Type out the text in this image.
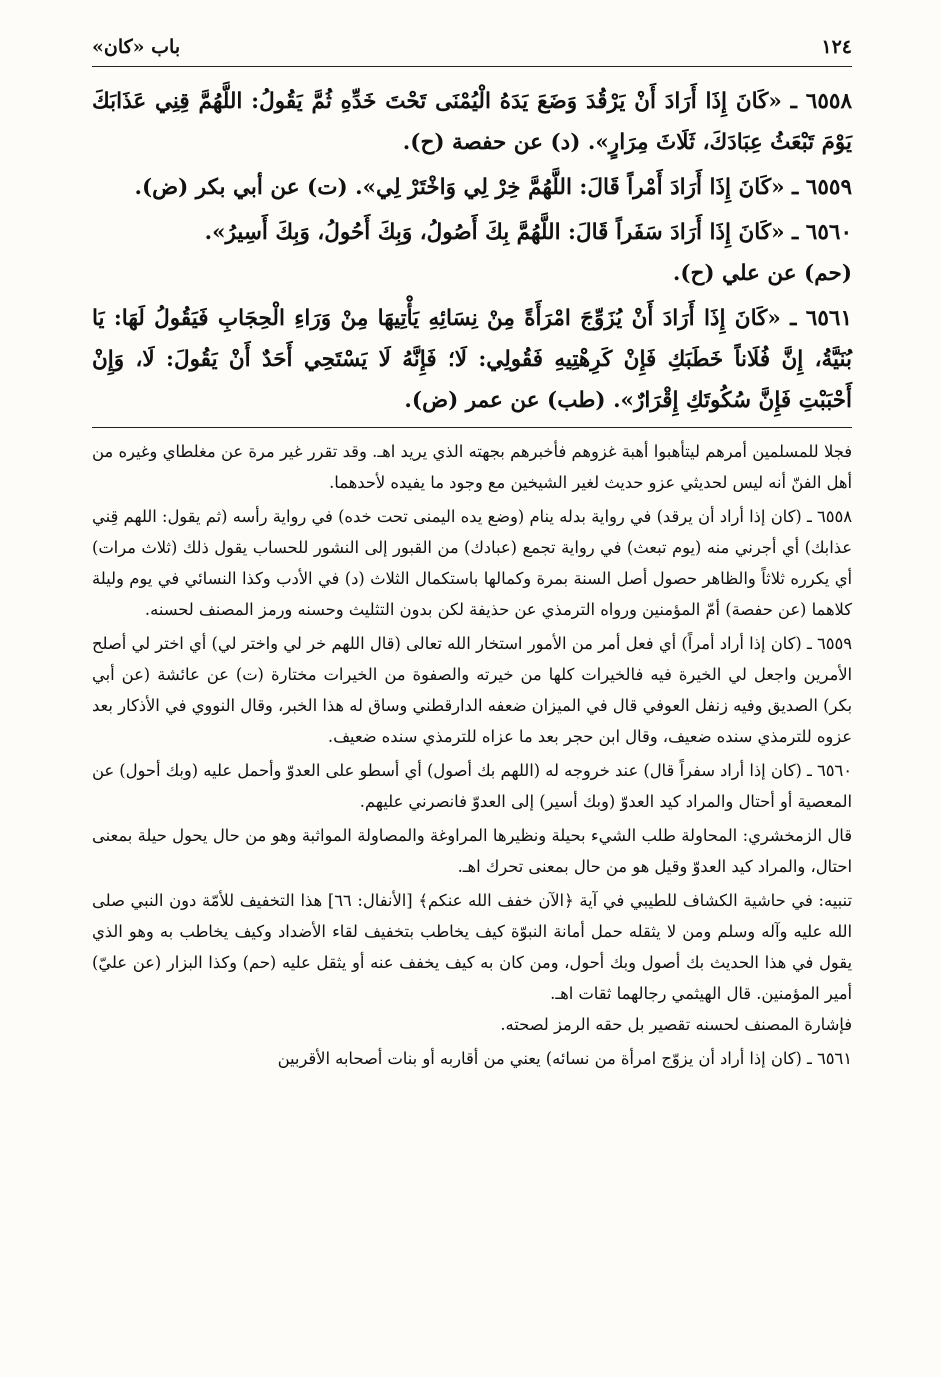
١٢٤
باب «كان»

٦٥٥٨ ـ «كَانَ إِذَا أَرَادَ أَنْ يَرْقُدَ وَضَعَ يَدَهُ الْيُمْنَى تَحْتَ خَدِّهِ ثُمَّ يَقُولُ: اللَّهُمَّ قِنِي عَذَابَكَ يَوْمَ تَبْعَثُ عِبَادَكَ، ثَلَاثَ مِرَارٍ». (د) عن حفصة (ح).

٦٥٥٩ ـ «كَانَ إِذَا أَرَادَ أَمْراً قَالَ: اللَّهُمَّ خِرْ لِي وَاخْتَرْ لِي». (ت) عن أبي بكر (ض).

٦٥٦٠ ـ «كَانَ إِذَا أَرَادَ سَفَراً قَالَ: اللَّهُمَّ بِكَ أَصُولُ، وَبِكَ أَحُولُ، وَبِكَ أَسِيرُ».

(حم) عن علي (ح).

٦٥٦١ ـ «كَانَ إِذَا أَرَادَ أَنْ يُزَوِّجَ امْرَأَةً مِنْ نِسَائِهِ يَأْتِيهَا مِنْ وَرَاءِ الْحِجَابِ فَيَقُولُ لَهَا: يَا بُنَيَّةُ، إِنَّ فُلَاناً خَطَبَكِ فَإِنْ كَرِهْتِيهِ فَقُولِي: لَا؛ فَإِنَّهُ لَا يَسْتَحِي أَحَدٌ أَنْ يَقُولَ: لَا، وَإِنْ أَحْبَبْتِ فَإِنَّ سُكُوتَكِ إِقْرَارٌ». (طب) عن عمر (ض).

فجلا للمسلمين أمرهم ليتأهبوا أهبة غزوهم فأخبرهم بجهته الذي يريد اهـ. وقد تقرر غير مرة عن مغلطاي وغيره من أهل الفنّ أنه ليس لحديثي عزو حديث لغير الشيخين مع وجود ما يفيده لأحدهما.

٦٥٥٨ ـ (كان إذا أراد أن يرقد) في رواية بدله ينام (وضع يده اليمنى تحت خده) في رواية رأسه (ثم يقول: اللهم قِني عذابك) أي أجرني منه (يوم تبعث) في رواية تجمع (عبادك) من القبور إلى النشور للحساب يقول ذلك (ثلاث مرات) أي يكرره ثلاثاً والظاهر حصول أصل السنة بمرة وكمالها باستكمال الثلاث (د) في الأدب وكذا النسائي في يوم وليلة كلاهما (عن حفصة) أمّ المؤمنين ورواه الترمذي عن حذيفة لكن بدون التثليث وحسنه ورمز المصنف لحسنه.

٦٥٥٩ ـ (كان إذا أراد أمراً) أي فعل أمر من الأمور استخار الله تعالى (قال اللهم خر لي واختر لي) أي اختر لي أصلح الأمرين واجعل لي الخيرة فيه فالخيرات كلها من خيرته والصفوة من الخيرات مختارة (ت) عن عائشة (عن أبي بكر) الصديق وفيه زنفل العوفي قال في الميزان ضعفه الدارقطني وساق له هذا الخبر، وقال النووي في الأذكار بعد عزوه للترمذي سنده ضعيف، وقال ابن حجر بعد ما عزاه للترمذي سنده ضعيف.

٦٥٦٠ ـ (كان إذا أراد سفراً قال) عند خروجه له (اللهم بك أصول) أي أسطو على العدوّ وأحمل عليه (وبك أحول) عن المعصية أو أحتال والمراد كيد العدوّ (وبك أسير) إلى العدوّ فانصرني عليهم.

قال الزمخشري: المحاولة طلب الشيء بحيلة ونظيرها المراوغة والمصاولة المواثبة وهو من حال يحول حيلة بمعنى احتال، والمراد كيد العدوّ وقيل هو من حال بمعنى تحرك اهـ.

تنبيه: في حاشية الكشاف للطيبي في آية ﴿الآن خفف الله عنكم﴾ [الأنفال: ٦٦] هذا التخفيف للأمّة دون النبي صلى الله عليه وآله وسلم ومن لا يثقله حمل أمانة النبوّة كيف يخاطب بتخفيف لقاء الأضداد وكيف يخاطب به وهو الذي يقول في هذا الحديث بك أصول وبك أحول، ومن كان به كيف يخفف عنه أو يثقل عليه (حم) وكذا البزار (عن عليّ) أمير المؤمنين. قال الهيثمي رجالهما ثقات اهـ.

فإشارة المصنف لحسنه تقصير بل حقه الرمز لصحته.

٦٥٦١ ـ (كان إذا أراد أن يزوّج امرأة من نسائه) يعني من أقاربه أو بنات أصحابه الأقربين
